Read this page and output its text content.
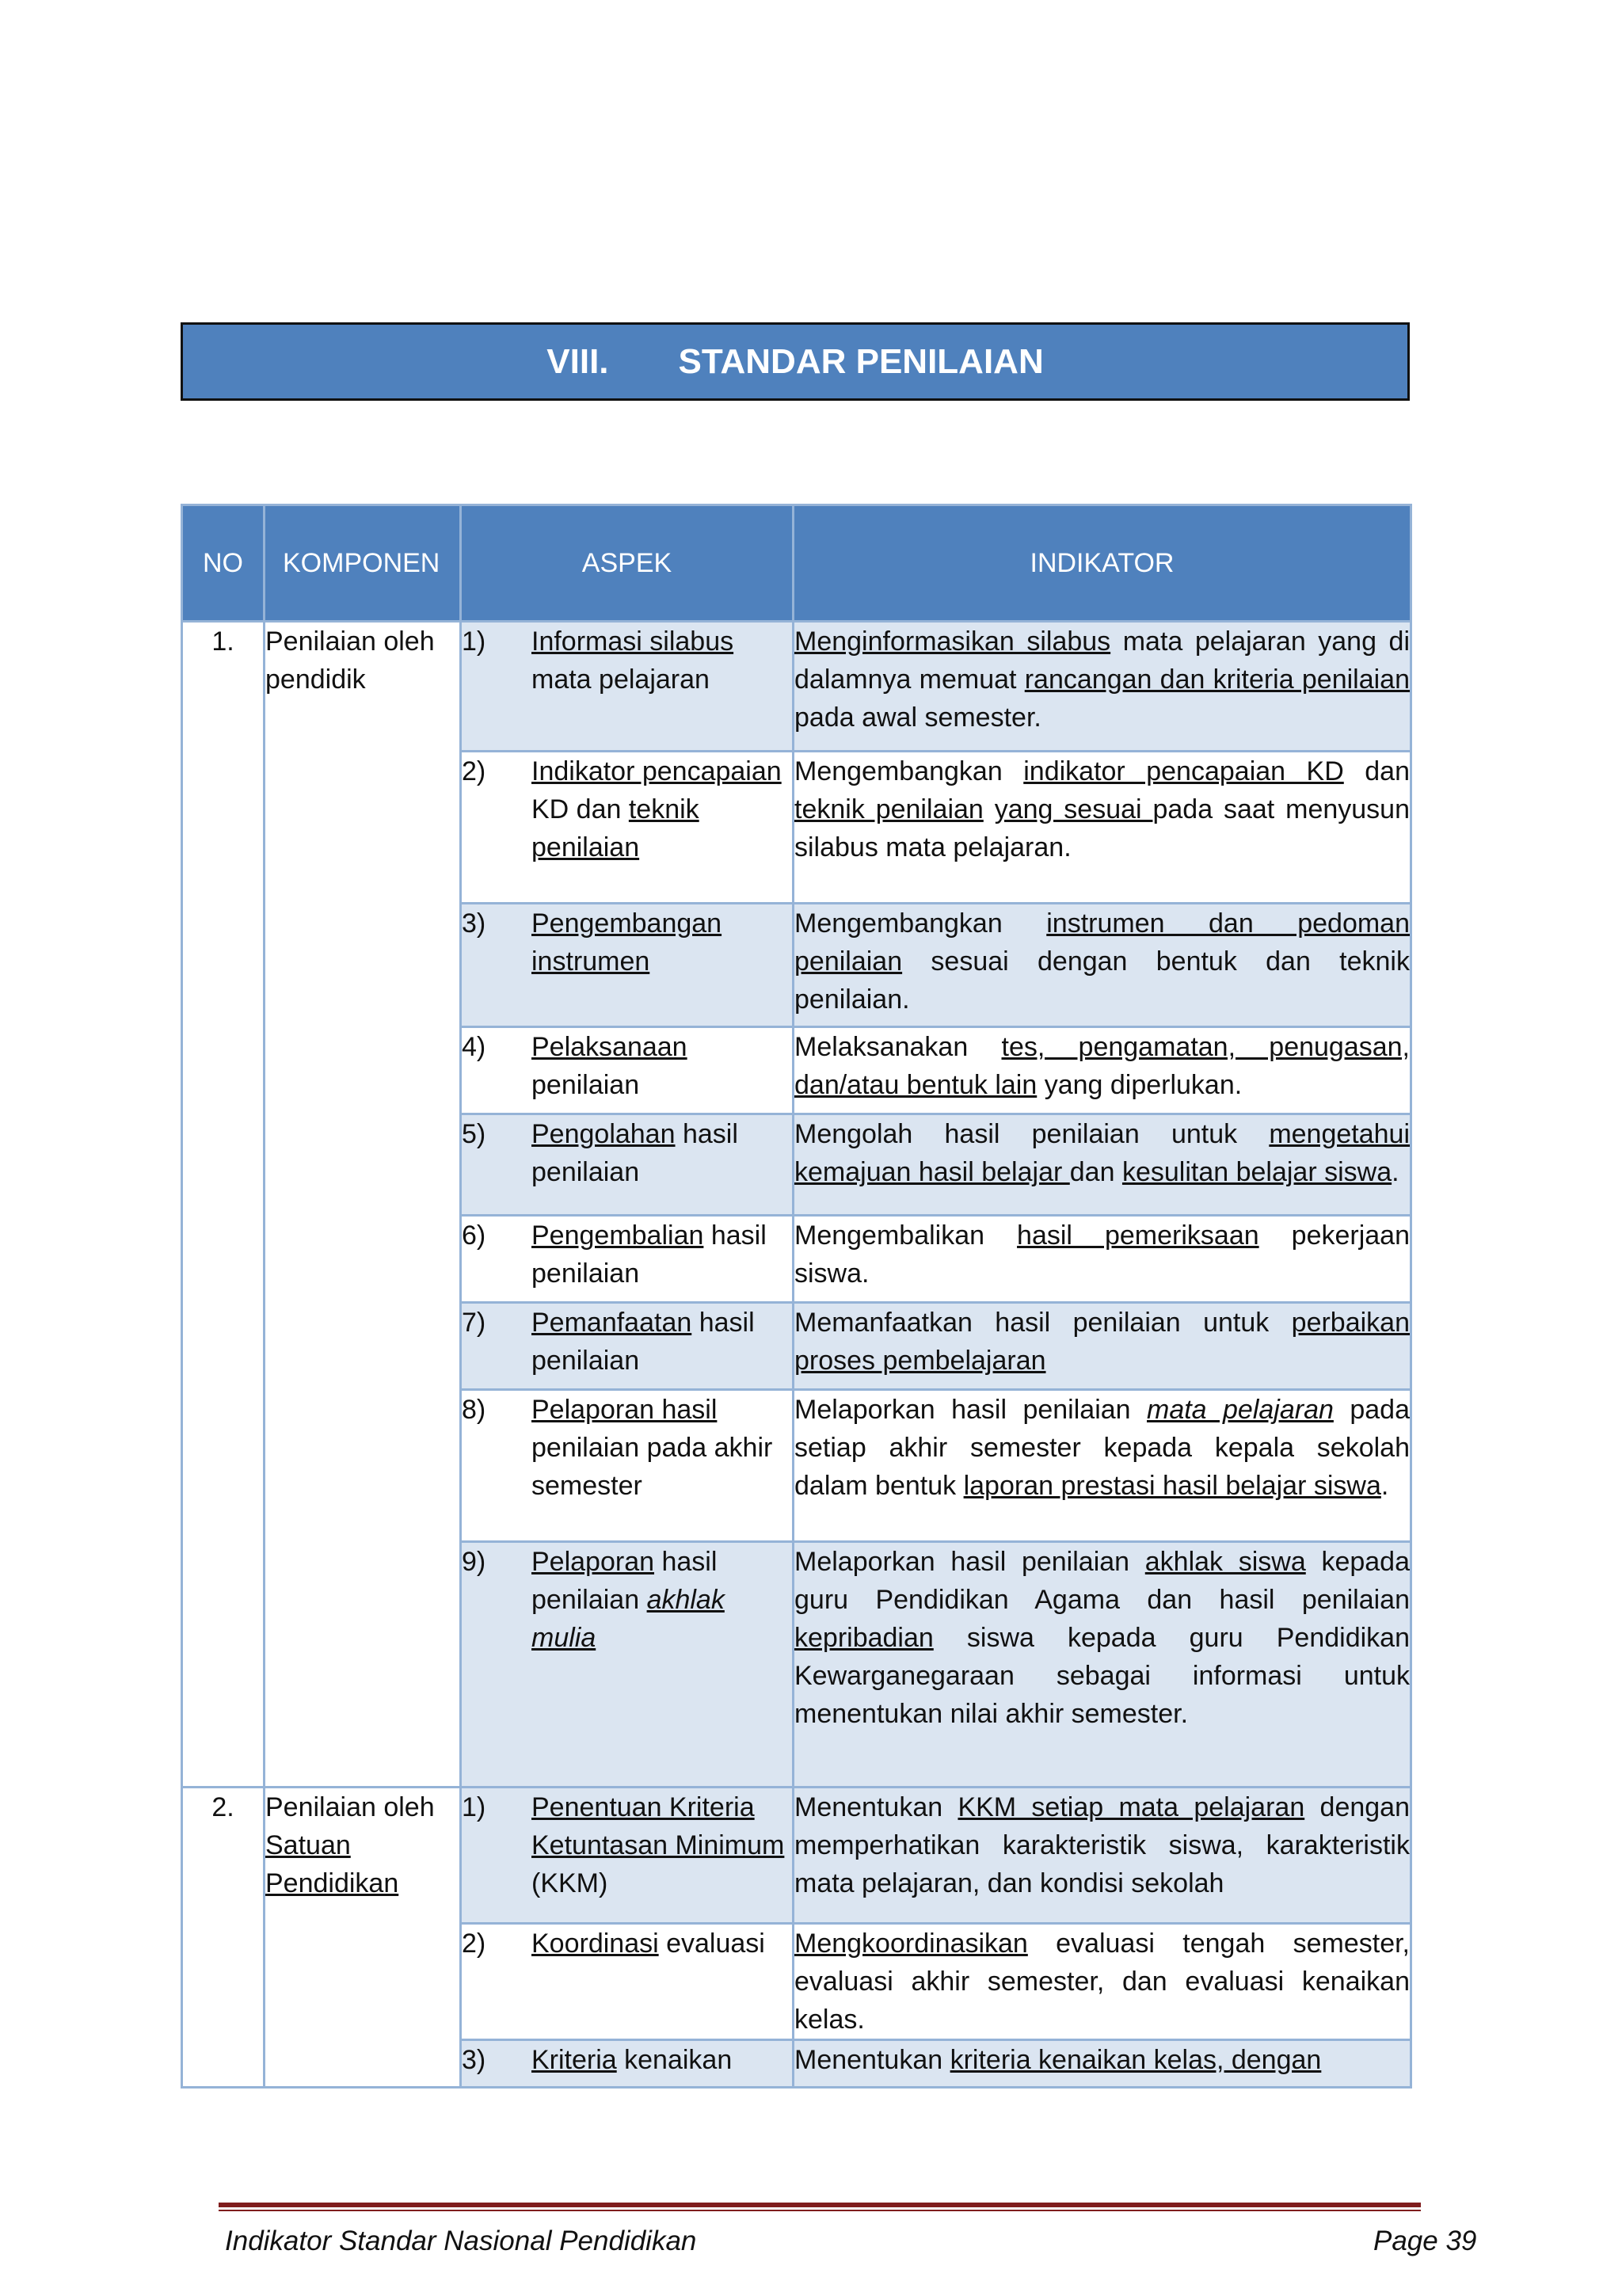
VIII. STANDAR PENILAIAN
NO	KOMPONEN	ASPEK	INDIKATOR
1.	Penilaian oleh pendidik	1) Informasi silabus mata pelajaran	Menginformasikan silabus mata pelajaran yang di dalamnya memuat rancangan dan kriteria penilaian pada awal semester.

		2) Indikator pencapaian KD dan teknik penilaian	Mengembangkan indikator pencapaian KD dan teknik penilaian yang sesuai pada saat menyusun silabus mata pelajaran.

		3) Pengembangan instrumen	Mengembangkan instrumen dan pedoman penilaian sesuai dengan bentuk dan teknik penilaian.

		4) Pelaksanaan penilaian	Melaksanakan tes, pengamatan, penugasan, dan/atau bentuk lain yang diperlukan.

		5) Pengolahan hasil penilaian	Mengolah hasil penilaian untuk mengetahui kemajuan hasil belajar dan kesulitan belajar siswa.

		6) Pengembalian hasil penilaian	Mengembalikan hasil pemeriksaan pekerjaan siswa.

		7) Pemanfaatan hasil penilaian	Memanfaatkan hasil penilaian untuk perbaikan proses pembelajaran

		8) Pelaporan hasil penilaian pada akhir semester	Melaporkan hasil penilaian mata pelajaran pada setiap akhir semester kepada kepala sekolah dalam bentuk laporan prestasi hasil belajar siswa.

		9) Pelaporan hasil penilaian akhlak mulia	Melaporkan hasil penilaian akhlak siswa kepada guru Pendidikan Agama dan hasil penilaian kepribadian siswa kepada guru Pendidikan Kewarganegaraan sebagai informasi untuk menentukan nilai akhir semester.
2.	Penilaian oleh Satuan Pendidikan	1) Penentuan Kriteria Ketuntasan Minimum (KKM)	Menentukan KKM setiap mata pelajaran dengan memperhatikan karakteristik siswa, karakteristik mata pelajaran, dan kondisi sekolah

		2) Koordinasi evaluasi	Mengkoordinasikan evaluasi tengah semester, evaluasi akhir semester, dan evaluasi kenaikan kelas.

		3) Kriteria kenaikan	Menentukan kriteria kenaikan kelas, dengan
Indikator Standar Nasional Pendidikan	Page 39
